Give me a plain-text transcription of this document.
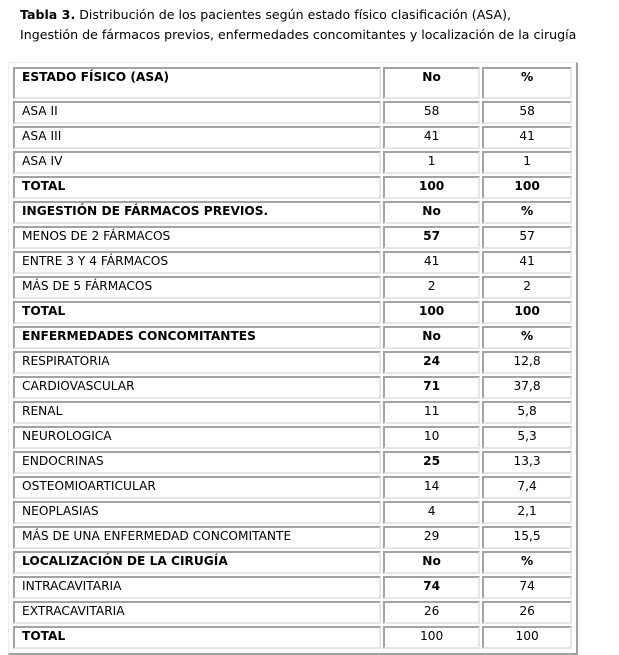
Tabla 3. Distribución de los pacientes según estado físico clasificación (ASA),
Ingestión de fármacos previos, enfermedades concomitantes y localización de la cirugía
ESTADO FÍSICO (ASA)	No	%
ASA II	58	58
ASA III	41	41
ASA IV	1	1
TOTAL	100	100
INGESTIÓN DE FÁRMACOS PREVIOS.	No	%
MENOS DE 2 FÁRMACOS	57	57
ENTRE 3 Y 4 FÁRMACOS	41	41
MÁS DE 5 FÁRMACOS	2	2
TOTAL	100	100
ENFERMEDADES CONCOMITANTES	No	%
RESPIRATORIA	24	12,8
CARDIOVASCULAR	71	37,8
RENAL	11	5,8
NEUROLOGICA	10	5,3
ENDOCRINAS	25	13,3
OSTEOMIOARTICULAR	14	7,4
NEOPLASIAS	4	2,1
MÁS DE UNA ENFERMEDAD CONCOMITANTE	29	15,5
LOCALIZACIÓN DE LA CIRUGÍA	No	%
INTRACAVITARIA	74	74
EXTRACAVITARIA	26	26
TOTAL	100	100
